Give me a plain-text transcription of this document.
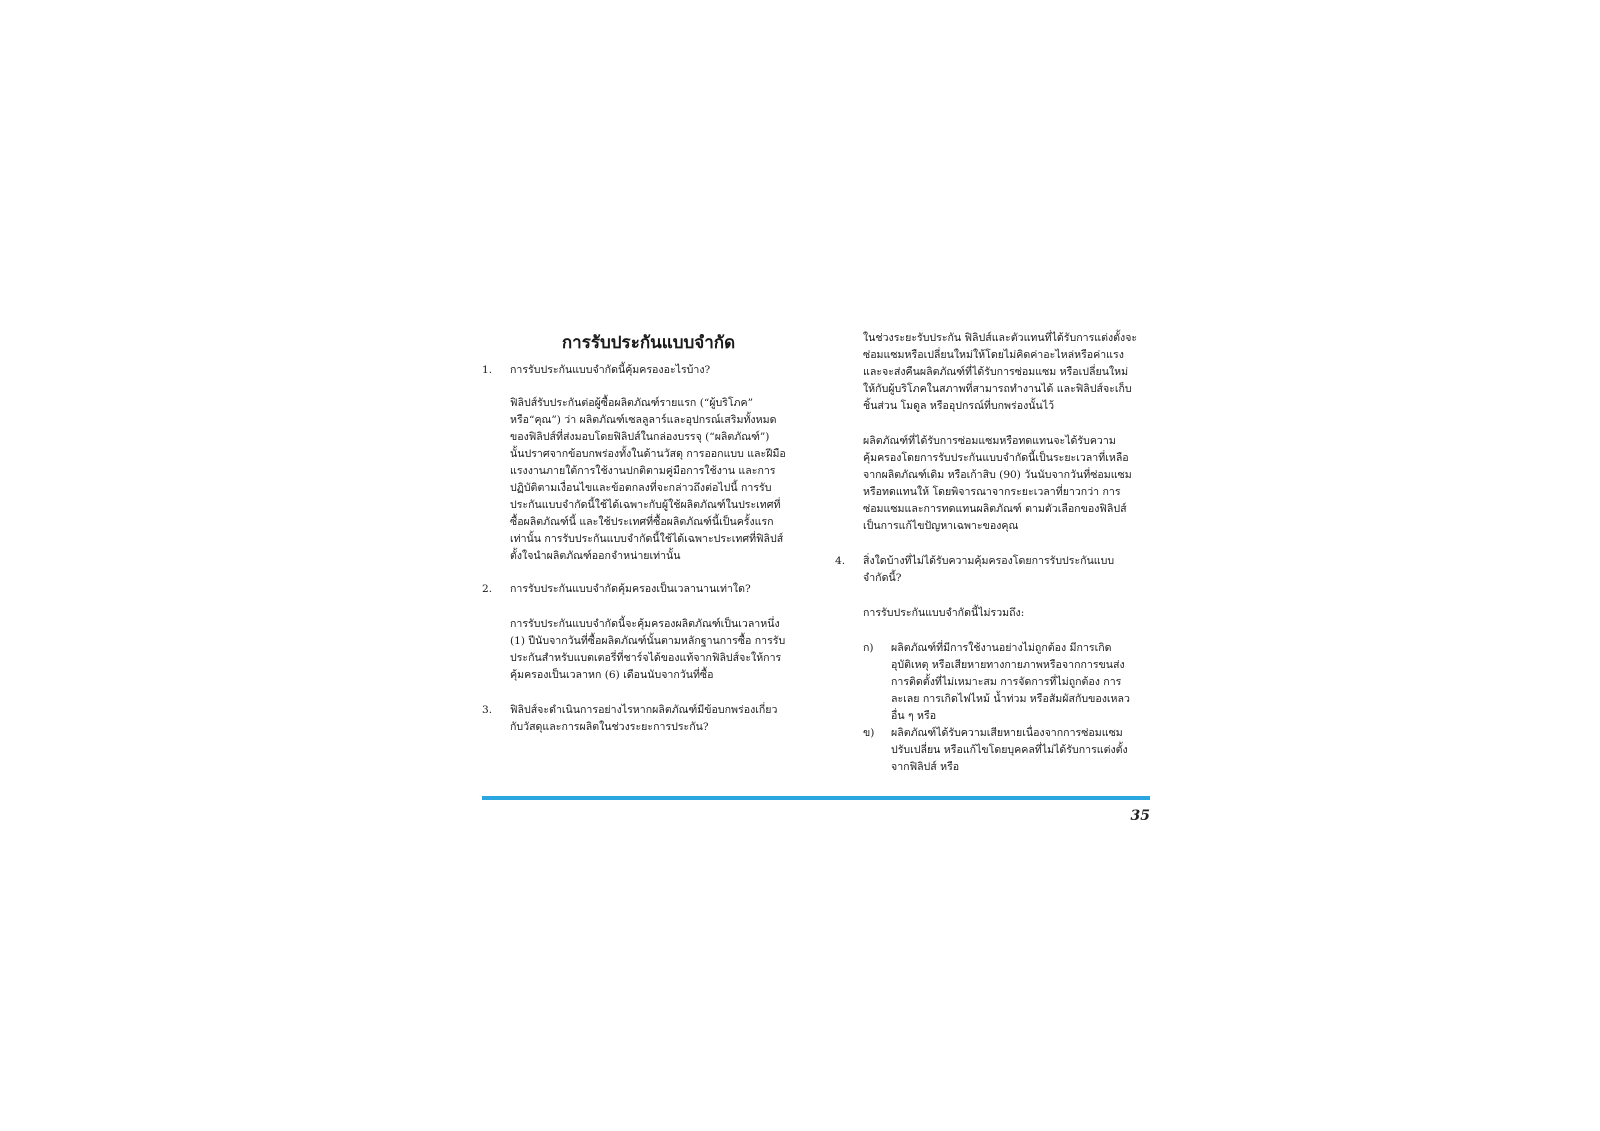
การรับประกันแบบจำกัด
1.	การรับประกันแบบจำกัดนี้คุ้มครองอะไรบ้าง?

ฟิลิปส์รับประกันต่อผู้ซื้อผลิตภัณฑ์รายแรก (“ผู้บริโภค” หรือ“คุณ”) ว่า ผลิตภัณฑ์เซลลูลาร์และอุปกรณ์เสริมทั้งหมดของฟิลิปส์ที่ส่งมอบโดยฟิลิปส์ในกล่องบรรจุ (“ผลิตภัณฑ์”) นั้นปราศจากข้อบกพร่องทั้งในด้านวัสดุ การออกแบบ และฝีมือแรงงานภายใต้การใช้งานปกติตามคู่มือการใช้งาน และการปฏิบัติตามเงื่อนไขและข้อตกลงที่จะกล่าวถึงต่อไปนี้ การรับประกันแบบจำกัดนี้ใช้ได้เฉพาะกับผู้ใช้ผลิตภัณฑ์ในประเทศที่ซื้อผลิตภัณฑ์นี้ และใช้ประเทศที่ซื้อผลิตภัณฑ์นี้เป็นครั้งแรกเท่านั้น การรับประกันแบบจำกัดนี้ใช้ได้เฉพาะประเทศที่ฟิลิปส์ตั้งใจนำผลิตภัณฑ์ออกจำหน่ายเท่านั้น

2.	การรับประกันแบบจำกัดคุ้มครองเป็นเวลานานเท่าใด?

การรับประกันแบบจำกัดนี้จะคุ้มครองผลิตภัณฑ์เป็นเวลาหนึ่ง (1) ปีนับจากวันที่ซื้อผลิตภัณฑ์นั้นตามหลักฐานการซื้อ การรับประกันสำหรับแบตเตอรี่ที่ชาร์จได้ของแท้จากฟิลิปส์จะให้การคุ้มครองเป็นเวลาหก (6) เดือนนับจากวันที่ซื้อ

3.	ฟิลิปส์จะดำเนินการอย่างไรหากผลิตภัณฑ์มีข้อบกพร่องเกี่ยวกับวัสดุและการผลิตในช่วงระยะการประกัน?

ในช่วงระยะรับประกัน ฟิลิปส์และตัวแทนที่ได้รับการแต่งตั้งจะซ่อมแซมหรือเปลี่ยนใหม่ให้โดยไม่คิดค่าอะไหล่หรือค่าแรง และจะส่งคืนผลิตภัณฑ์ที่ได้รับการซ่อมแซม หรือเปลี่ยนใหม่ให้กับผู้บริโภคในสภาพที่สามารถทำงานได้ และฟิลิปส์จะเก็บชิ้นส่วน โมดูล หรืออุปกรณ์ที่บกพร่องนั้นไว้

ผลิตภัณฑ์ที่ได้รับการซ่อมแซมหรือทดแทนจะได้รับความคุ้มครองโดยการรับประกันแบบจำกัดนี้เป็นระยะเวลาที่เหลือจากผลิตภัณฑ์เดิม หรือเก้าสิบ (90) วันนับจากวันที่ซ่อมแซมหรือทดแทนให้ โดยพิจารณาจากระยะเวลาที่ยาวกว่า การซ่อมแซมและการทดแทนผลิตภัณฑ์ ตามตัวเลือกของฟิลิปส์ เป็นการแก้ไขปัญหาเฉพาะของคุณ

4.	สิ่งใดบ้างที่ไม่ได้รับความคุ้มครองโดยการรับประกันแบบจำกัดนี้?

การรับประกันแบบจำกัดนี้ไม่รวมถึง:

ก)	ผลิตภัณฑ์ที่มีการใช้งานอย่างไม่ถูกต้อง มีการเกิดอุบัติเหตุ หรือเสียหายทางกายภาพหรือจากการขนส่ง การติดตั้งที่ไม่เหมาะสม การจัดการที่ไม่ถูกต้อง การละเลย การเกิดไฟไหม้ น้ำท่วม หรือสัมผัสกับของเหลวอื่น ๆ หรือ
ข)	ผลิตภัณฑ์ได้รับความเสียหายเนื่องจากการซ่อมแซม ปรับเปลี่ยน หรือแก้ไขโดยบุคคลที่ไม่ได้รับการแต่งตั้งจากฟิลิปส์ หรือ
35
